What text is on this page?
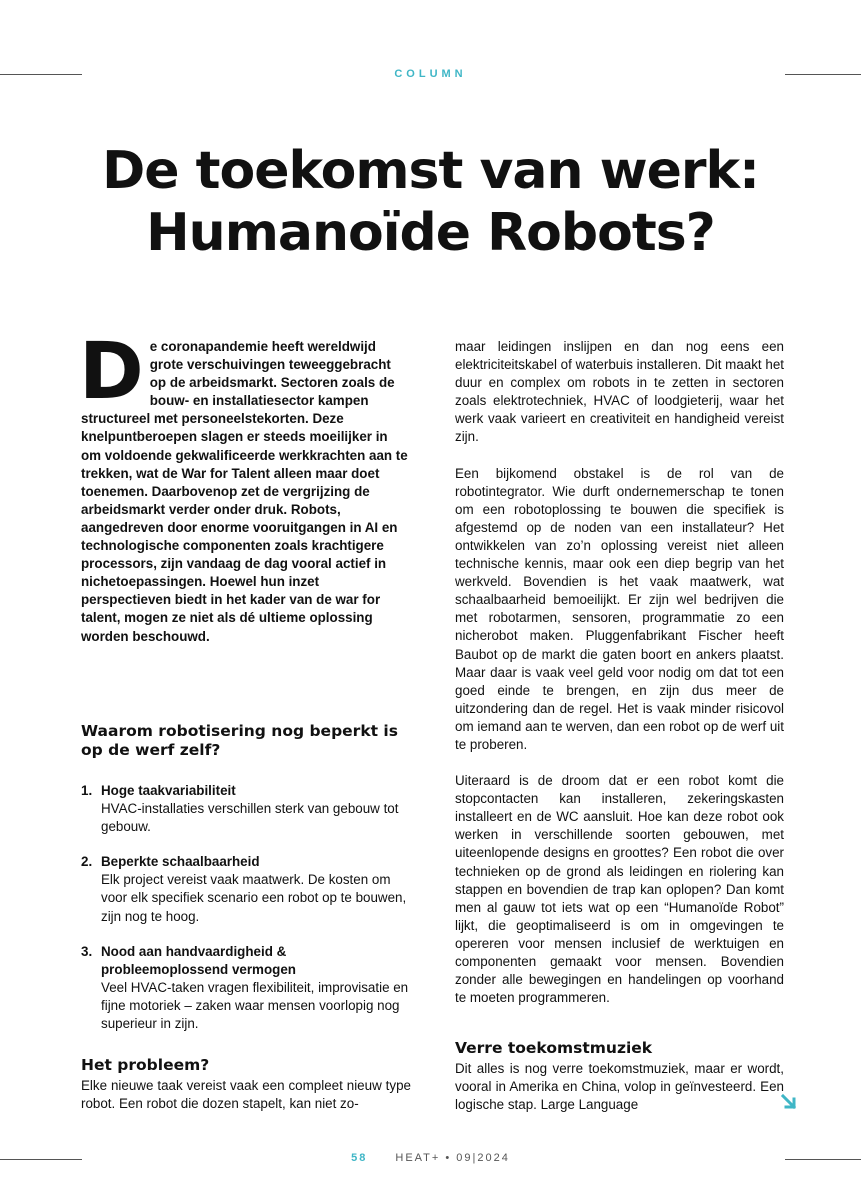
COLUMN
De toekomst van werk:
Humanoïde Robots?

De coronapandemie heeft wereldwijd grote verschuivingen teweeggebracht op de arbeidsmarkt. Sectoren zoals de bouw- en installatiesector kampen structureel met personeelstekorten. Deze knelpuntberoepen slagen er steeds moeilijker in om voldoende gekwalificeerde werkkrachten aan te trekken, wat de War for Talent alleen maar doet toenemen. Daarbovenop zet de vergrijzing de arbeidsmarkt verder onder druk. Robots, aangedreven door enorme vooruitgangen in AI en technologische componenten zoals krachtigere processors, zijn vandaag de dag vooral actief in nichetoepassingen. Hoewel hun inzet perspectieven biedt in het kader van de war for talent, mogen ze niet als dé ultieme oplossing worden beschouwd.

Waarom robotisering nog beperkt is op de werf zelf?
1. Hoge taakvariabiliteit
HVAC-installaties verschillen sterk van gebouw tot gebouw.
2. Beperkte schaalbaarheid
Elk project vereist vaak maatwerk. De kosten om voor elk specifiek scenario een robot op te bouwen, zijn nog te hoog.
3. Nood aan handvaardigheid & probleemoplossend vermogen
Veel HVAC-taken vragen flexibiliteit, improvisatie en fijne motoriek – zaken waar mensen voorlopig nog superieur in zijn.
Het probleem?

Elke nieuwe taak vereist vaak een compleet nieuw type robot. Een robot die dozen stapelt, kan niet zo-

maar leidingen inslijpen en dan nog eens een elektriciteitskabel of waterbuis installeren. Dit maakt het duur en complex om robots in te zetten in sectoren zoals elektrotechniek, HVAC of loodgieterij, waar het werk vaak varieert en creativiteit en handigheid vereist zijn.

Een bijkomend obstakel is de rol van de robotintegrator. Wie durft ondernemerschap te tonen om een robotoplossing te bouwen die specifiek is afgestemd op de noden van een installateur? Het ontwikkelen van zo’n oplossing vereist niet alleen technische kennis, maar ook een diep begrip van het werkveld. Bovendien is het vaak maatwerk, wat schaalbaarheid bemoeilijkt. Er zijn wel bedrijven die met robotarmen, sensoren, programmatie zo een nicherobot maken. Pluggenfabrikant Fischer heeft Baubot op de markt die gaten boort en ankers plaatst. Maar daar is vaak veel geld voor nodig om dat tot een goed einde te brengen, en zijn dus meer de uitzondering dan de regel. Het is vaak minder risicovol om iemand aan te werven, dan een robot op de werf uit te proberen.

Uiteraard is de droom dat er een robot komt die stopcontacten kan installeren, zekeringskasten installeert en de WC aansluit. Hoe kan deze robot ook werken in verschillende soorten gebouwen, met uiteenlopende designs en groottes? Een robot die over technieken op de grond als leidingen en riolering kan stappen en bovendien de trap kan oplopen? Dan komt men al gauw tot iets wat op een “Humanoïde Robot” lijkt, die geoptimaliseerd is om in omgevingen te opereren voor mensen inclusief de werktuigen en componenten gemaakt voor mensen. Bovendien zonder alle bewegingen en handelingen op voorhand te moeten programmeren.

Verre toekomstmuziek

Dit alles is nog verre toekomstmuziek, maar er wordt, vooral in Amerika en China, volop in geïnvesteerd. Een logische stap. Large Language

58	HEAT+ • 09|2024
